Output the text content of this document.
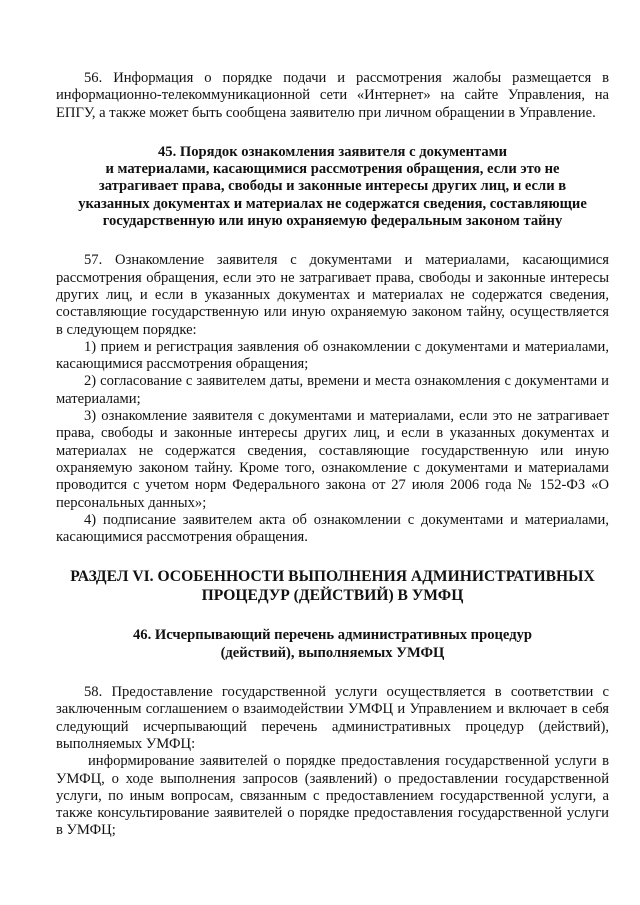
56. Информация о порядке подачи и рассмотрения жалобы размещается в информационно-телекоммуникационной сети «Интернет» на сайте Управления, на ЕПГУ, а также может быть сообщена заявителю при личном обращении в Управление.

45. Порядок ознакомления заявителя с документами
и материалами, касающимися рассмотрения обращения, если это не
затрагивает права, свободы и законные интересы других лиц, и если в
указанных документах и материалах не содержатся сведения, составляющие
государственную или иную охраняемую федеральным законом тайну

57. Ознакомление заявителя с документами и материалами, касающимися рассмотрения обращения, если это не затрагивает права, свободы и законные интересы других лиц, и если в указанных документах и материалах не содержатся сведения, составляющие государственную или иную охраняемую законом тайну, осуществляется в следующем порядке:

1) прием и регистрация заявления об ознакомлении с документами и материалами, касающимися рассмотрения обращения;

2) согласование с заявителем даты, времени и места ознакомления с документами и материалами;

3) ознакомление заявителя с документами и материалами, если это не затрагивает права, свободы и законные интересы других лиц, и если в указанных документах и материалах не содержатся сведения, составляющие государственную или иную охраняемую законом тайну. Кроме того, ознакомление с документами и материалами проводится с учетом норм Федерального закона от 27 июля 2006 года № 152-ФЗ «О персональных данных»;

4) подписание заявителем акта об ознакомлении с документами и материалами, касающимися рассмотрения обращения.

РАЗДЕЛ VI. ОСОБЕННОСТИ ВЫПОЛНЕНИЯ АДМИНИСТРАТИВНЫХ
ПРОЦЕДУР (ДЕЙСТВИЙ) В УМФЦ
46. Исчерпывающий перечень административных процедур
(действий), выполняемых УМФЦ

58. Предоставление государственной услуги осуществляется в соответствии с заключенным соглашением о взаимодействии УМФЦ и Управлением и включает в себя следующий исчерпывающий перечень административных процедур (действий), выполняемых УМФЦ:

информирование заявителей о порядке предоставления государственной услуги в УМФЦ, о ходе выполнения запросов (заявлений) о предоставлении государственной услуги, по иным вопросам, связанным с предоставлением государственной услуги, а также консультирование заявителей о порядке предоставления государственной услуги в УМФЦ;
